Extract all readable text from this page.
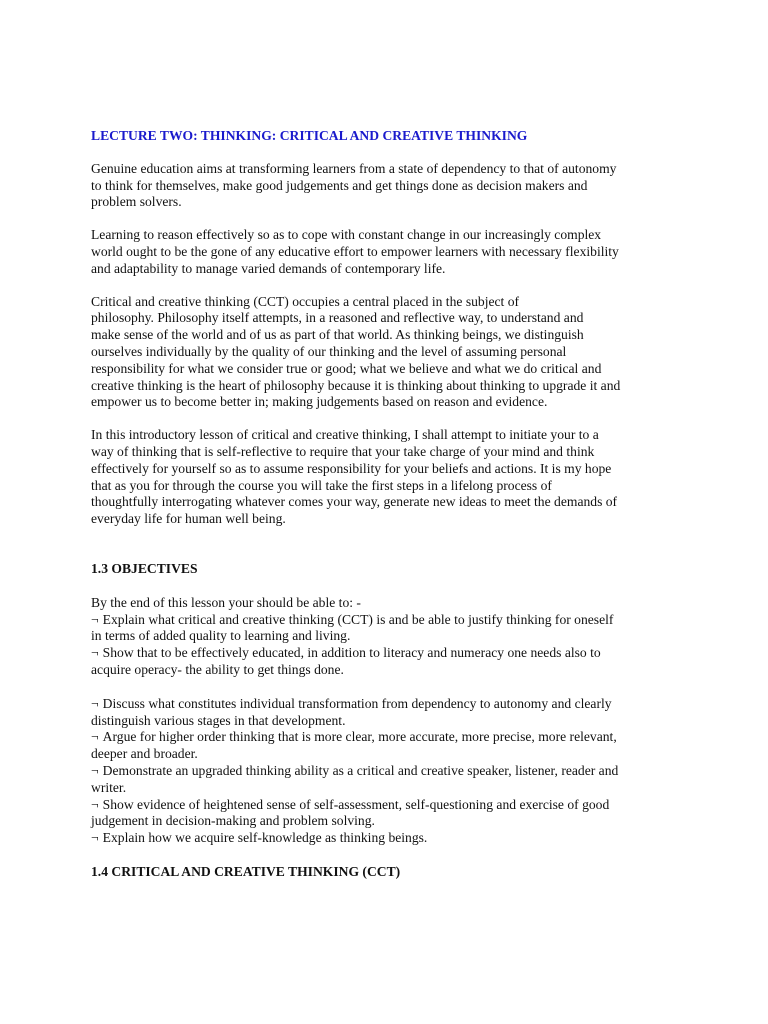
LECTURE TWO: THINKING: CRITICAL AND CREATIVE THINKING

Genuine education aims at transforming learners from a state of dependency to that of autonomy
to think for themselves, make good judgements and get things done as decision makers and
problem solvers.

Learning to reason effectively so as to cope with constant change in our increasingly complex
world ought to be the gone of any educative effort to empower learners with necessary flexibility
and adaptability to manage varied demands of contemporary life.

Critical and creative thinking (CCT) occupies a central placed in the subject of
philosophy. Philosophy itself attempts, in a reasoned and reflective way, to understand and
make sense of the world and of us as part of that world. As thinking beings, we distinguish
ourselves individually by the quality of our thinking and the level of assuming personal
responsibility for what we consider true or good; what we believe and what we do critical and
creative thinking is the heart of philosophy because it is thinking about thinking to upgrade it and
empower us to become better in; making judgements based on reason and evidence.

In this introductory lesson of critical and creative thinking, I shall attempt to initiate your to a
way of thinking that is self-reflective to require that your take charge of your mind and think
effectively for yourself so as to assume responsibility for your beliefs and actions. It is my hope
that as you for through the course you will take the first steps in a lifelong process of
thoughtfully interrogating whatever comes your way, generate new ideas to meet the demands of
everyday life for human well being.

1.3 OBJECTIVES
By the end of this lesson your should be able to: -
¬ Explain what critical and creative thinking (CCT) is and be able to justify thinking for oneself
in terms of added quality to learning and living.
¬ Show that to be effectively educated, in addition to literacy and numeracy one needs also to
acquire operacy- the ability to get things done.
¬ Discuss what constitutes individual transformation from dependency to autonomy and clearly
distinguish various stages in that development.
¬ Argue for higher order thinking that is more clear, more accurate, more precise, more relevant,
deeper and broader.
¬ Demonstrate an upgraded thinking ability as a critical and creative speaker, listener, reader and
writer.
¬ Show evidence of heightened sense of self-assessment, self-questioning and exercise of good
judgement in decision-making and problem solving.
¬ Explain how we acquire self-knowledge as thinking beings.
1.4 CRITICAL AND CREATIVE THINKING (CCT)
